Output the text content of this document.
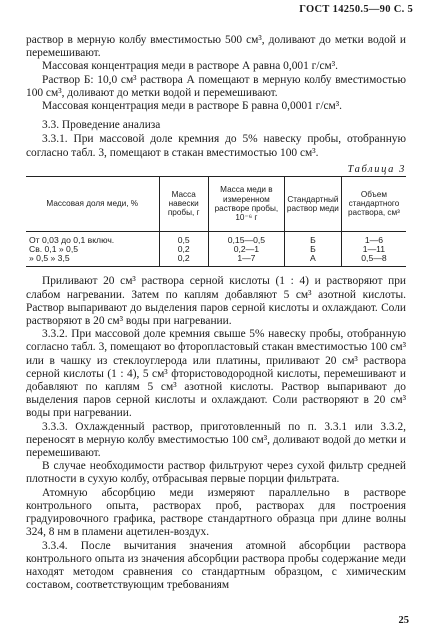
ГОСТ 14250.5—90 С. 5

раствор в мерную колбу вместимостью 500 см³, доливают до метки водой и перемешивают.

Массовая концентрация меди в растворе А равна 0,001 г/см³.

Раствор Б: 10,0 см³ раствора А помещают в мерную колбу вместимостью 100 см³, доливают до метки водой и перемешивают.

Массовая концентрация меди в растворе Б равна 0,0001 г/см³.

3.3. Проведение анализа

3.3.1. При массовой доле кремния до 5% навеску пробы, отобранную согласно табл. 3, помещают в стакан вместимостью 100 см³.

Таблица 3
Массовая доля меди, %	Масса навески пробы, г	Масса меди в измеренном растворе пробы, 10⁻⁶ г	Стандартный раствор меди	Объем стандартного раствора, см³
От 0,03 до 0,1 включ.	0,5	0,15—0,5	Б	1—6
Св. 0,1 » 0,5	0,2	0,2—1	Б	1—11
» 0,5 » 3,5	0,2	1—7	А	0,5—8

Приливают 20 см³ раствора серной кислоты (1 : 4) и растворяют при слабом нагревании. Затем по каплям добавляют 5 см³ азотной кислоты. Раствор выпаривают до выделения паров серной кислоты и охлаждают. Соли растворяют в 20 см³ воды при нагревании.

3.3.2. При массовой доле кремния свыше 5% навеску пробы, отобранную согласно табл. 3, помещают во фторопластовый стакан вместимостью 100 см³ или в чашку из стеклоуглерода или платины, приливают 20 см³ раствора серной кислоты (1 : 4), 5 см³ фтористоводородной кислоты, перемешивают и добавляют по каплям 5 см³ азотной кислоты. Раствор выпаривают до выделения паров серной кислоты и охлаждают. Соли растворяют в 20 см³ воды при нагревании.

3.3.3. Охлажденный раствор, приготовленный по п. 3.3.1 или 3.3.2, переносят в мерную колбу вместимостью 100 см³, доливают водой до метки и перемешивают.

В случае необходимости раствор фильтруют через сухой фильтр средней плотности в сухую колбу, отбрасывая первые порции фильтрата.

Атомную абсорбцию меди измеряют параллельно в растворе контрольного опыта, растворах проб, растворах для построения градуировочного графика, растворе стандартного образца при длине волны 324, 8 нм в пламени ацетилен-воздух.

3.3.4. После вычитания значения атомной абсорбции раствора контрольного опыта из значения абсорбции раствора пробы содержание меди находят методом сравнения со стандартным образцом, с химическим составом, соответствующим требованиям

25
